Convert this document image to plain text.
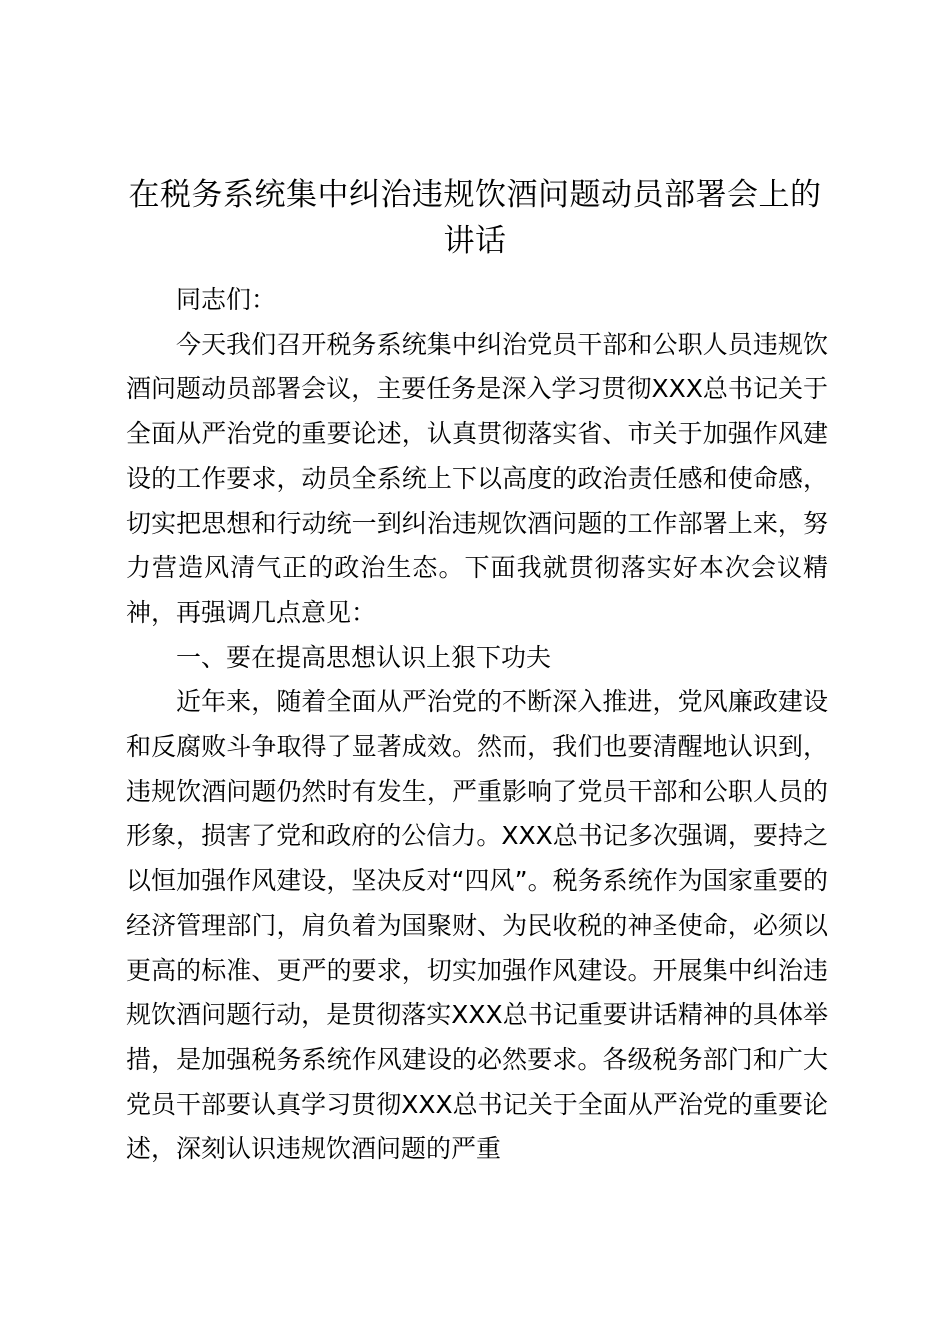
在税务系统集中纠治违规饮酒问题动员部署会上的讲话

同志们：

今天我们召开税务系统集中纠治党员干部和公职人员违规饮酒问题动员部署会议，主要任务是深入学习贯彻XXX总书记关于全面从严治党的重要论述，认真贯彻落实省、市关于加强作风建设的工作要求，动员全系统上下以高度的政治责任感和使命感，切实把思想和行动统一到纠治违规饮酒问题的工作部署上来，努力营造风清气正的政治生态。下面我就贯彻落实好本次会议精神，再强调几点意见：

一、要在提高思想认识上狠下功夫

近年来，随着全面从严治党的不断深入推进，党风廉政建设和反腐败斗争取得了显著成效。然而，我们也要清醒地认识到，违规饮酒问题仍然时有发生，严重影响了党员干部和公职人员的形象，损害了党和政府的公信力。XXX总书记多次强调，要持之以恒加强作风建设，坚决反对“四风”。税务系统作为国家重要的经济管理部门，肩负着为国聚财、为民收税的神圣使命，必须以更高的标准、更严的要求，切实加强作风建设。开展集中纠治违规饮酒问题行动，是贯彻落实XXX总书记重要讲话精神的具体举措，是加强税务系统作风建设的必然要求。各级税务部门和广大党员干部要认真学习贯彻XXX总书记关于全面从严治党的重要论述，深刻认识违规饮酒问题的严重
